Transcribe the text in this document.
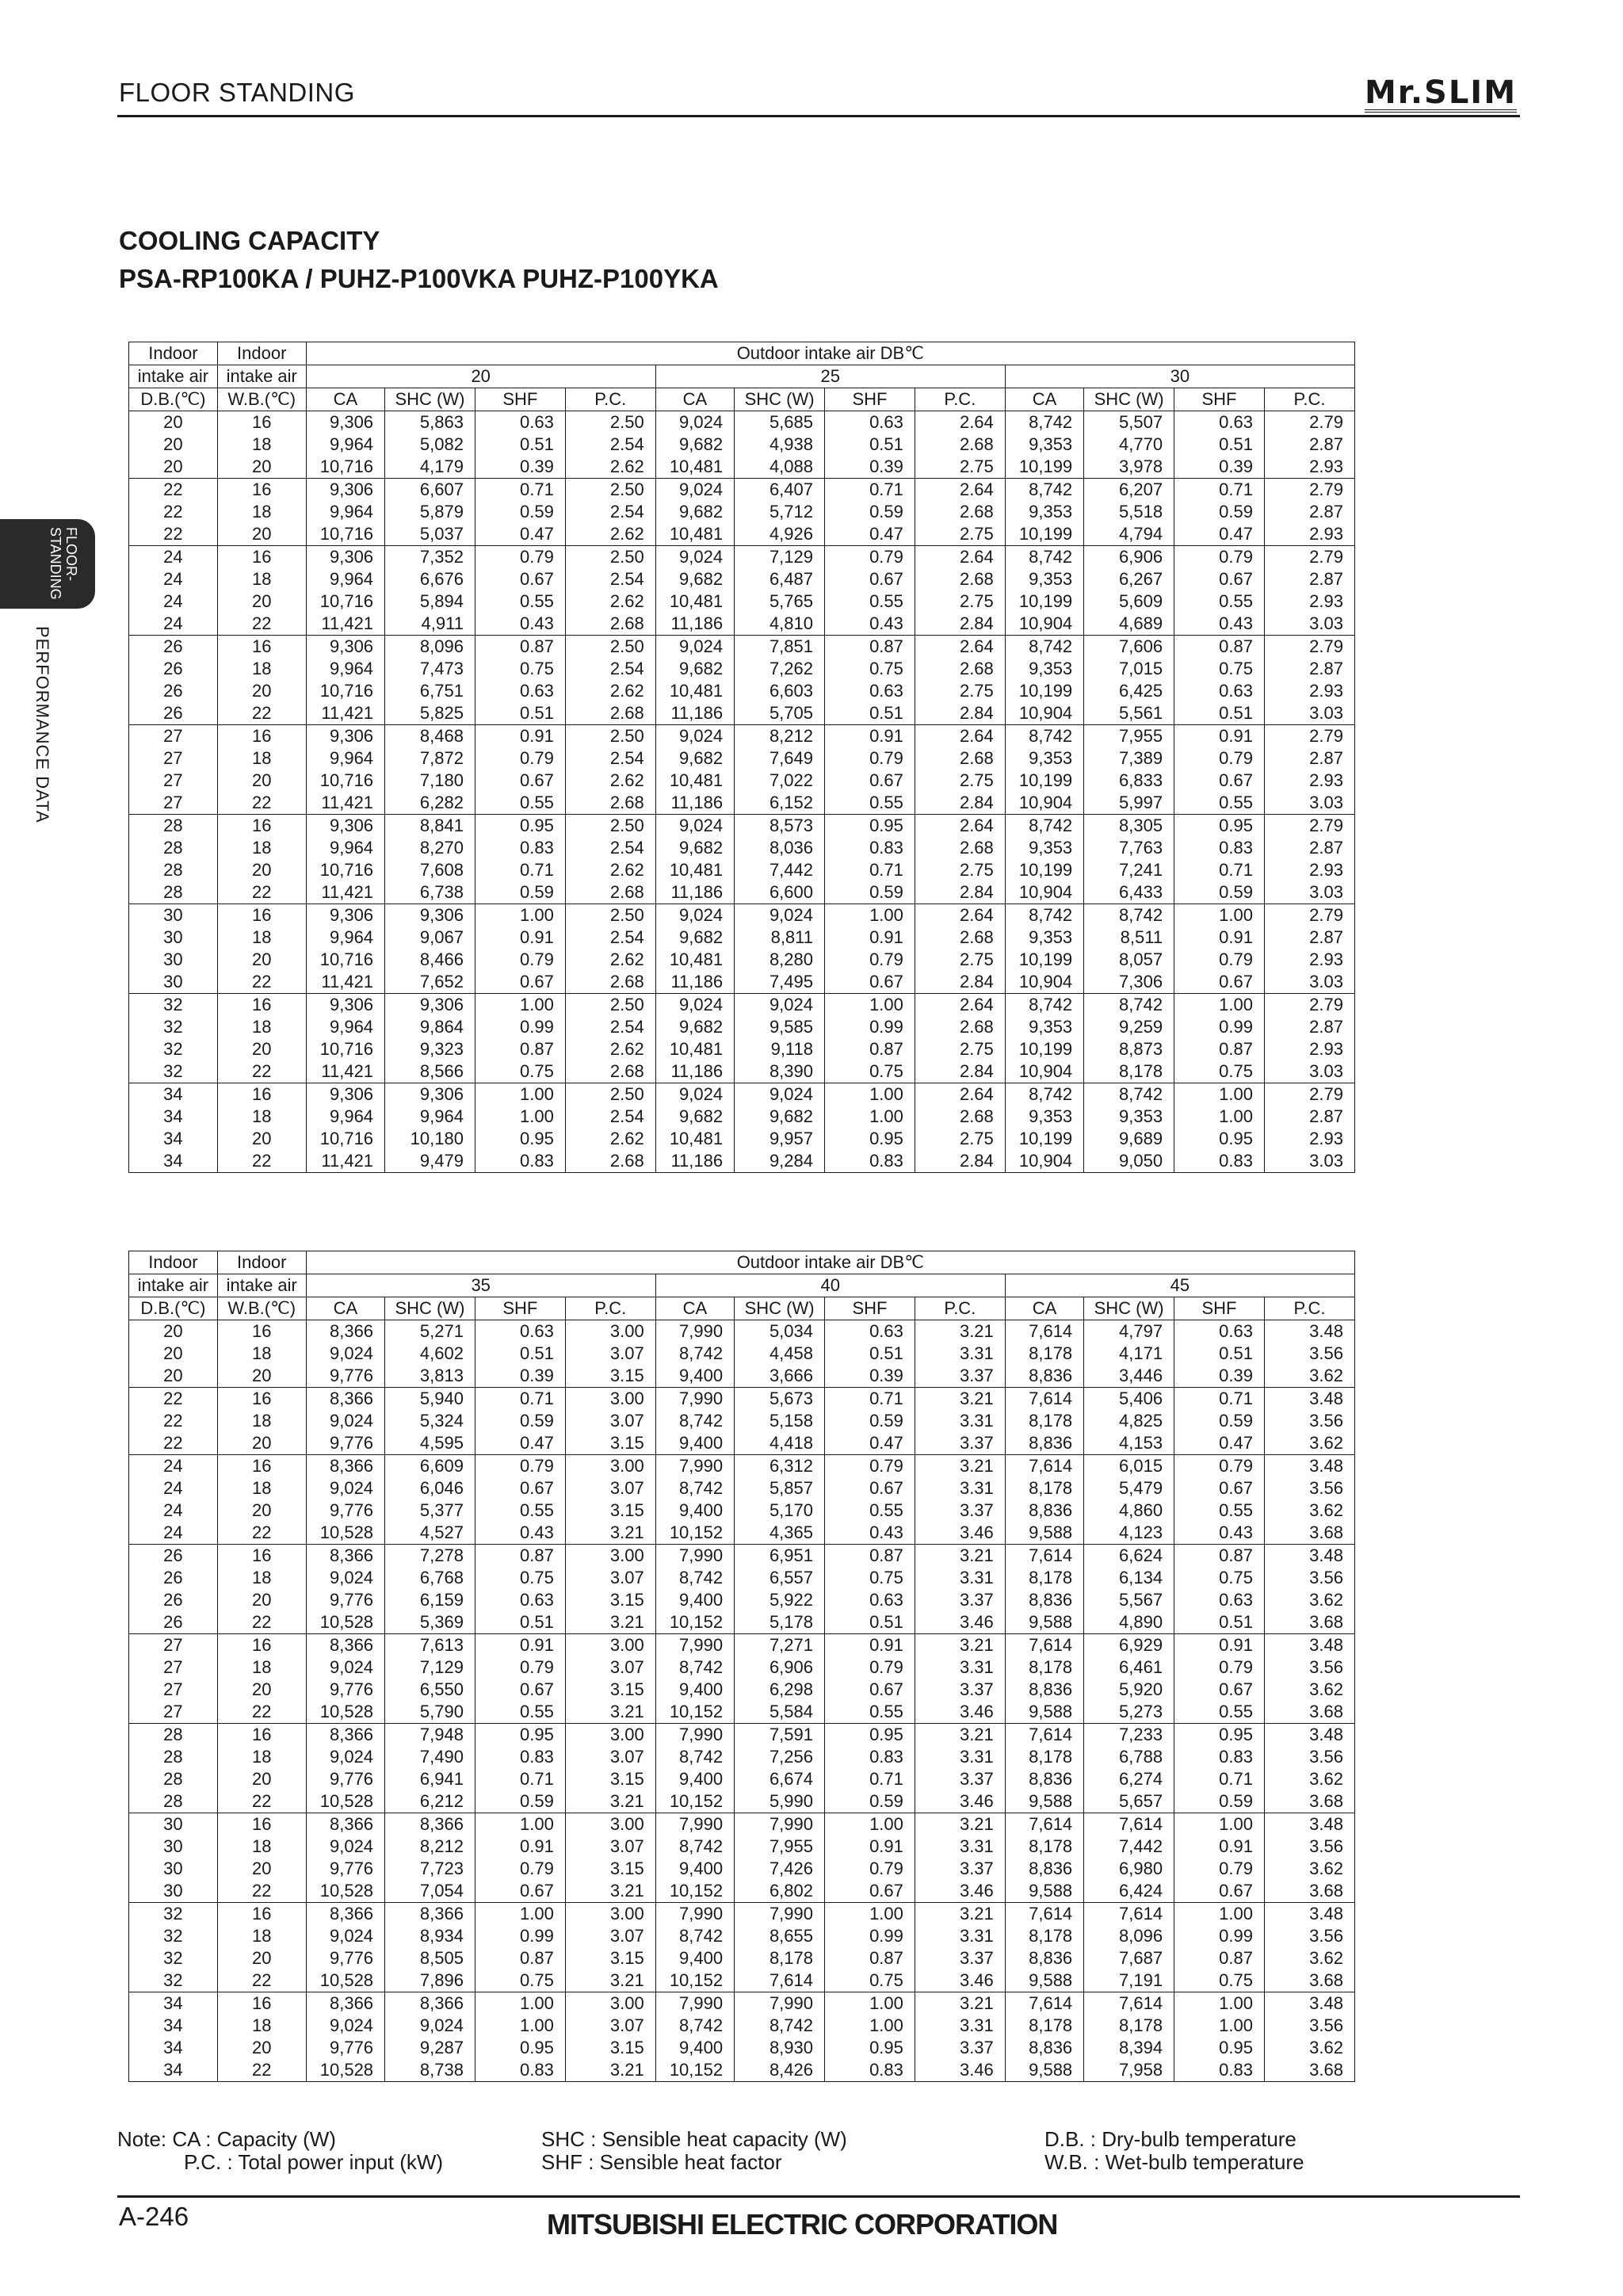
FLOOR STANDING	Mr.SLIM
COOLING CAPACITY
PSA-RP100KA / PUHZ-P100VKA PUHZ-P100YKA
FLOOR-STANDING
PERFORMANCE DATA
Indoor	Indoor	Outdoor intake air DB℃											
intake air	intake air	20				25				30			
D.B.(℃)	W.B.(℃)	CA	SHC (W)	SHF	P.C.	CA	SHC (W)	SHF	P.C.	CA	SHC (W)	SHF	P.C.
20	16	9,306	5,863	0.63	2.50	9,024	5,685	0.63	2.64	8,742	5,507	0.63	2.79
20	18	9,964	5,082	0.51	2.54	9,682	4,938	0.51	2.68	9,353	4,770	0.51	2.87
20	20	10,716	4,179	0.39	2.62	10,481	4,088	0.39	2.75	10,199	3,978	0.39	2.93
22	16	9,306	6,607	0.71	2.50	9,024	6,407	0.71	2.64	8,742	6,207	0.71	2.79
22	18	9,964	5,879	0.59	2.54	9,682	5,712	0.59	2.68	9,353	5,518	0.59	2.87
22	20	10,716	5,037	0.47	2.62	10,481	4,926	0.47	2.75	10,199	4,794	0.47	2.93
24	16	9,306	7,352	0.79	2.50	9,024	7,129	0.79	2.64	8,742	6,906	0.79	2.79
24	18	9,964	6,676	0.67	2.54	9,682	6,487	0.67	2.68	9,353	6,267	0.67	2.87
24	20	10,716	5,894	0.55	2.62	10,481	5,765	0.55	2.75	10,199	5,609	0.55	2.93
24	22	11,421	4,911	0.43	2.68	11,186	4,810	0.43	2.84	10,904	4,689	0.43	3.03
26	16	9,306	8,096	0.87	2.50	9,024	7,851	0.87	2.64	8,742	7,606	0.87	2.79
26	18	9,964	7,473	0.75	2.54	9,682	7,262	0.75	2.68	9,353	7,015	0.75	2.87
26	20	10,716	6,751	0.63	2.62	10,481	6,603	0.63	2.75	10,199	6,425	0.63	2.93
26	22	11,421	5,825	0.51	2.68	11,186	5,705	0.51	2.84	10,904	5,561	0.51	3.03
27	16	9,306	8,468	0.91	2.50	9,024	8,212	0.91	2.64	8,742	7,955	0.91	2.79
27	18	9,964	7,872	0.79	2.54	9,682	7,649	0.79	2.68	9,353	7,389	0.79	2.87
27	20	10,716	7,180	0.67	2.62	10,481	7,022	0.67	2.75	10,199	6,833	0.67	2.93
27	22	11,421	6,282	0.55	2.68	11,186	6,152	0.55	2.84	10,904	5,997	0.55	3.03
28	16	9,306	8,841	0.95	2.50	9,024	8,573	0.95	2.64	8,742	8,305	0.95	2.79
28	18	9,964	8,270	0.83	2.54	9,682	8,036	0.83	2.68	9,353	7,763	0.83	2.87
28	20	10,716	7,608	0.71	2.62	10,481	7,442	0.71	2.75	10,199	7,241	0.71	2.93
28	22	11,421	6,738	0.59	2.68	11,186	6,600	0.59	2.84	10,904	6,433	0.59	3.03
30	16	9,306	9,306	1.00	2.50	9,024	9,024	1.00	2.64	8,742	8,742	1.00	2.79
30	18	9,964	9,067	0.91	2.54	9,682	8,811	0.91	2.68	9,353	8,511	0.91	2.87
30	20	10,716	8,466	0.79	2.62	10,481	8,280	0.79	2.75	10,199	8,057	0.79	2.93
30	22	11,421	7,652	0.67	2.68	11,186	7,495	0.67	2.84	10,904	7,306	0.67	3.03
32	16	9,306	9,306	1.00	2.50	9,024	9,024	1.00	2.64	8,742	8,742	1.00	2.79
32	18	9,964	9,864	0.99	2.54	9,682	9,585	0.99	2.68	9,353	9,259	0.99	2.87
32	20	10,716	9,323	0.87	2.62	10,481	9,118	0.87	2.75	10,199	8,873	0.87	2.93
32	22	11,421	8,566	0.75	2.68	11,186	8,390	0.75	2.84	10,904	8,178	0.75	3.03
34	16	9,306	9,306	1.00	2.50	9,024	9,024	1.00	2.64	8,742	8,742	1.00	2.79
34	18	9,964	9,964	1.00	2.54	9,682	9,682	1.00	2.68	9,353	9,353	1.00	2.87
34	20	10,716	10,180	0.95	2.62	10,481	9,957	0.95	2.75	10,199	9,689	0.95	2.93
34	22	11,421	9,479	0.83	2.68	11,186	9,284	0.83	2.84	10,904	9,050	0.83	3.03
Indoor	Indoor	Outdoor intake air DB℃											
intake air	intake air	35				40				45			
D.B.(℃)	W.B.(℃)	CA	SHC (W)	SHF	P.C.	CA	SHC (W)	SHF	P.C.	CA	SHC (W)	SHF	P.C.
20	16	8,366	5,271	0.63	3.00	7,990	5,034	0.63	3.21	7,614	4,797	0.63	3.48
20	18	9,024	4,602	0.51	3.07	8,742	4,458	0.51	3.31	8,178	4,171	0.51	3.56
20	20	9,776	3,813	0.39	3.15	9,400	3,666	0.39	3.37	8,836	3,446	0.39	3.62
22	16	8,366	5,940	0.71	3.00	7,990	5,673	0.71	3.21	7,614	5,406	0.71	3.48
22	18	9,024	5,324	0.59	3.07	8,742	5,158	0.59	3.31	8,178	4,825	0.59	3.56
22	20	9,776	4,595	0.47	3.15	9,400	4,418	0.47	3.37	8,836	4,153	0.47	3.62
24	16	8,366	6,609	0.79	3.00	7,990	6,312	0.79	3.21	7,614	6,015	0.79	3.48
24	18	9,024	6,046	0.67	3.07	8,742	5,857	0.67	3.31	8,178	5,479	0.67	3.56
24	20	9,776	5,377	0.55	3.15	9,400	5,170	0.55	3.37	8,836	4,860	0.55	3.62
24	22	10,528	4,527	0.43	3.21	10,152	4,365	0.43	3.46	9,588	4,123	0.43	3.68
26	16	8,366	7,278	0.87	3.00	7,990	6,951	0.87	3.21	7,614	6,624	0.87	3.48
26	18	9,024	6,768	0.75	3.07	8,742	6,557	0.75	3.31	8,178	6,134	0.75	3.56
26	20	9,776	6,159	0.63	3.15	9,400	5,922	0.63	3.37	8,836	5,567	0.63	3.62
26	22	10,528	5,369	0.51	3.21	10,152	5,178	0.51	3.46	9,588	4,890	0.51	3.68
27	16	8,366	7,613	0.91	3.00	7,990	7,271	0.91	3.21	7,614	6,929	0.91	3.48
27	18	9,024	7,129	0.79	3.07	8,742	6,906	0.79	3.31	8,178	6,461	0.79	3.56
27	20	9,776	6,550	0.67	3.15	9,400	6,298	0.67	3.37	8,836	5,920	0.67	3.62
27	22	10,528	5,790	0.55	3.21	10,152	5,584	0.55	3.46	9,588	5,273	0.55	3.68
28	16	8,366	7,948	0.95	3.00	7,990	7,591	0.95	3.21	7,614	7,233	0.95	3.48
28	18	9,024	7,490	0.83	3.07	8,742	7,256	0.83	3.31	8,178	6,788	0.83	3.56
28	20	9,776	6,941	0.71	3.15	9,400	6,674	0.71	3.37	8,836	6,274	0.71	3.62
28	22	10,528	6,212	0.59	3.21	10,152	5,990	0.59	3.46	9,588	5,657	0.59	3.68
30	16	8,366	8,366	1.00	3.00	7,990	7,990	1.00	3.21	7,614	7,614	1.00	3.48
30	18	9,024	8,212	0.91	3.07	8,742	7,955	0.91	3.31	8,178	7,442	0.91	3.56
30	20	9,776	7,723	0.79	3.15	9,400	7,426	0.79	3.37	8,836	6,980	0.79	3.62
30	22	10,528	7,054	0.67	3.21	10,152	6,802	0.67	3.46	9,588	6,424	0.67	3.68
32	16	8,366	8,366	1.00	3.00	7,990	7,990	1.00	3.21	7,614	7,614	1.00	3.48
32	18	9,024	8,934	0.99	3.07	8,742	8,655	0.99	3.31	8,178	8,096	0.99	3.56
32	20	9,776	8,505	0.87	3.15	9,400	8,178	0.87	3.37	8,836	7,687	0.87	3.62
32	22	10,528	7,896	0.75	3.21	10,152	7,614	0.75	3.46	9,588	7,191	0.75	3.68
34	16	8,366	8,366	1.00	3.00	7,990	7,990	1.00	3.21	7,614	7,614	1.00	3.48
34	18	9,024	9,024	1.00	3.07	8,742	8,742	1.00	3.31	8,178	8,178	1.00	3.56
34	20	9,776	9,287	0.95	3.15	9,400	8,930	0.95	3.37	8,836	8,394	0.95	3.62
34	22	10,528	8,738	0.83	3.21	10,152	8,426	0.83	3.46	9,588	7,958	0.83	3.68
Note: CA : Capacity (W)
P.C. : Total power input (kW)
SHC : Sensible heat capacity (W)
SHF : Sensible heat factor
D.B. : Dry-bulb temperature
W.B. : Wet-bulb temperature
A-246	MITSUBISHI ELECTRIC CORPORATION
